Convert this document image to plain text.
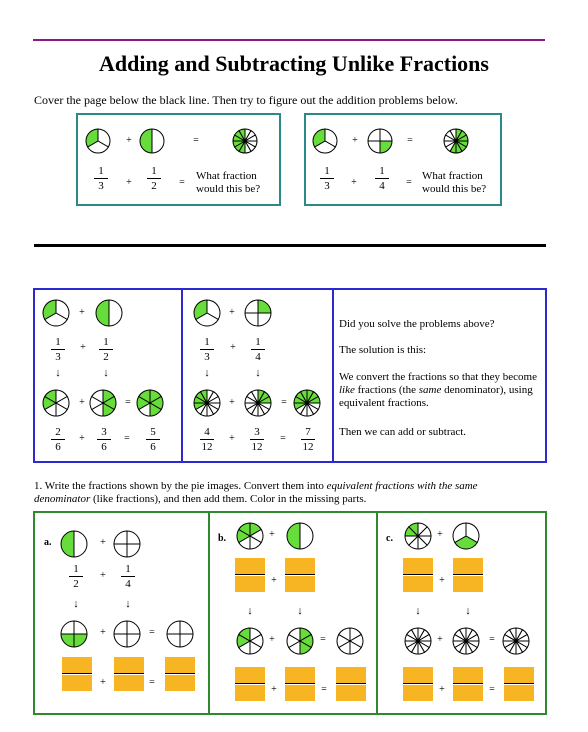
Adding and Subtracting Unlike Fractions
Cover the page below the black line. Then try to figure out the addition problems below.
+	=
1
3	+
1
2	=
What fraction would this be?
+	=
1
3	+
1
4	=
What fraction would this be?
+
1
3
+	1
2
↓	↓
+	=
2
6
+
3
6
=
5
6
+
1
3
+	1
4
↓	↓
+	=
4
12
+
3
12
=
7
12
Did you solve the problems above?
The solution is this:
We convert the fractions so that they become like fractions (the same denominator), using equivalent fractions.
Then we can add or subtract.
1. Write the fractions shown by the pie images. Convert them into equivalent fractions with the same denominator (like fractions), and then add them. Color in the missing parts.
a.	b.	c.
+
1
2
+
1
4
↓	↓
+	=
+	=
+
+
↓	↓
+	=
+	=
+
+
↓	↓
+	=
+	=
